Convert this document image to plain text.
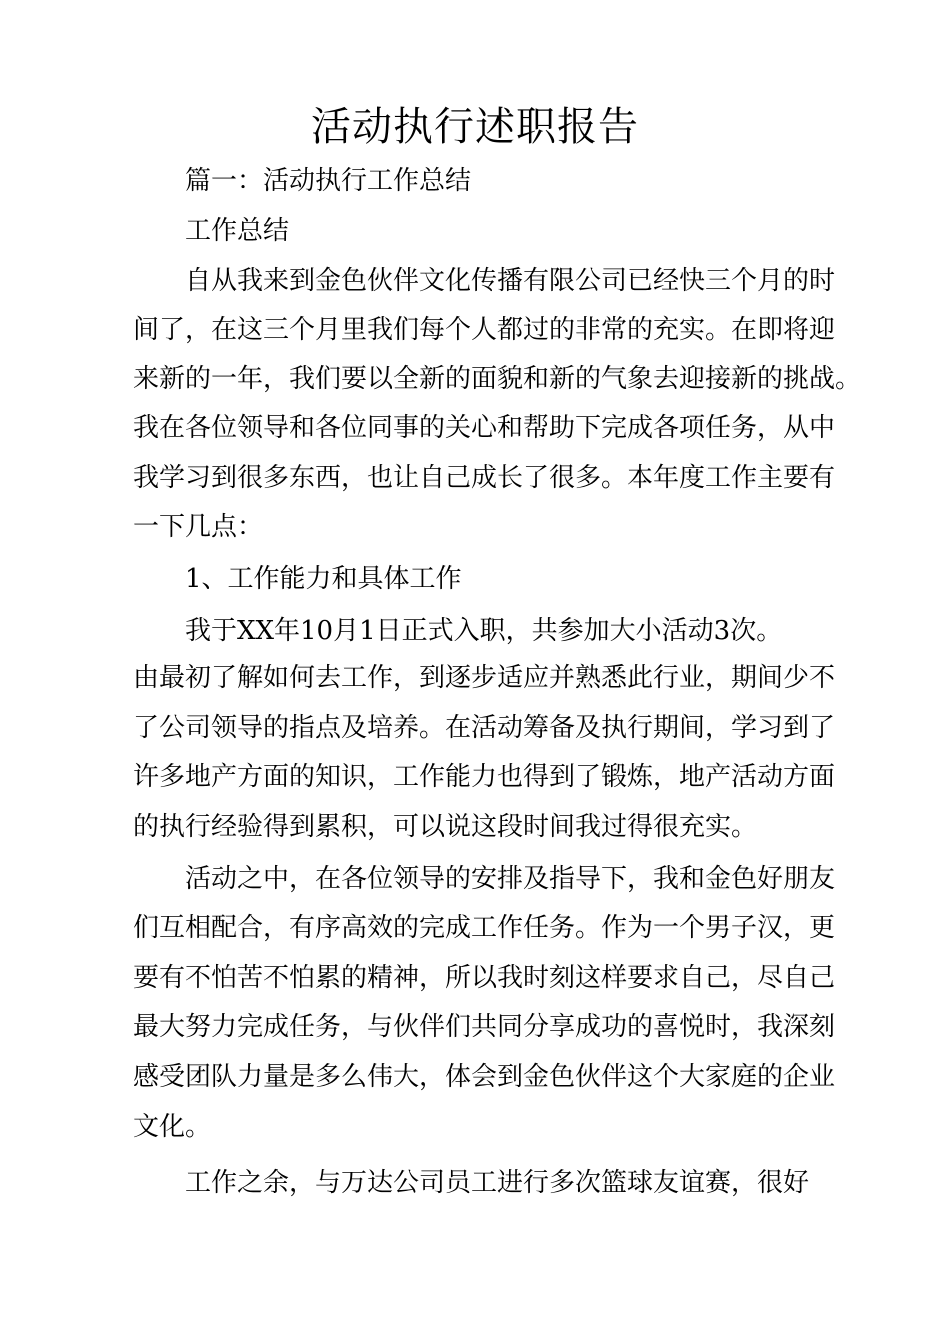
活动执行述职报告

篇一：活动执行工作总结

工作总结

自从我来到金色伙伴文化传播有限公司已经快三个月的时

间了，在这三个月里我们每个人都过的非常的充实。在即将迎

来新的一年，我们要以全新的面貌和新的气象去迎接新的挑战。

我在各位领导和各位同事的关心和帮助下完成各项任务，从中

我学习到很多东西，也让自己成长了很多。本年度工作主要有

一下几点：

1、工作能力和具体工作

我于XX年10月1日正式入职，共参加大小活动3次。

由最初了解如何去工作，到逐步适应并熟悉此行业，期间少不

了公司领导的指点及培养。在活动筹备及执行期间，学习到了

许多地产方面的知识，工作能力也得到了锻炼，地产活动方面

的执行经验得到累积，可以说这段时间我过得很充实。

活动之中，在各位领导的安排及指导下，我和金色好朋友

们互相配合，有序高效的完成工作任务。作为一个男子汉，更

要有不怕苦不怕累的精神，所以我时刻这样要求自己，尽自己

最大努力完成任务，与伙伴们共同分享成功的喜悦时，我深刻

感受团队力量是多么伟大，体会到金色伙伴这个大家庭的企业

文化。

工作之余，与万达公司员工进行多次篮球友谊赛，很好
